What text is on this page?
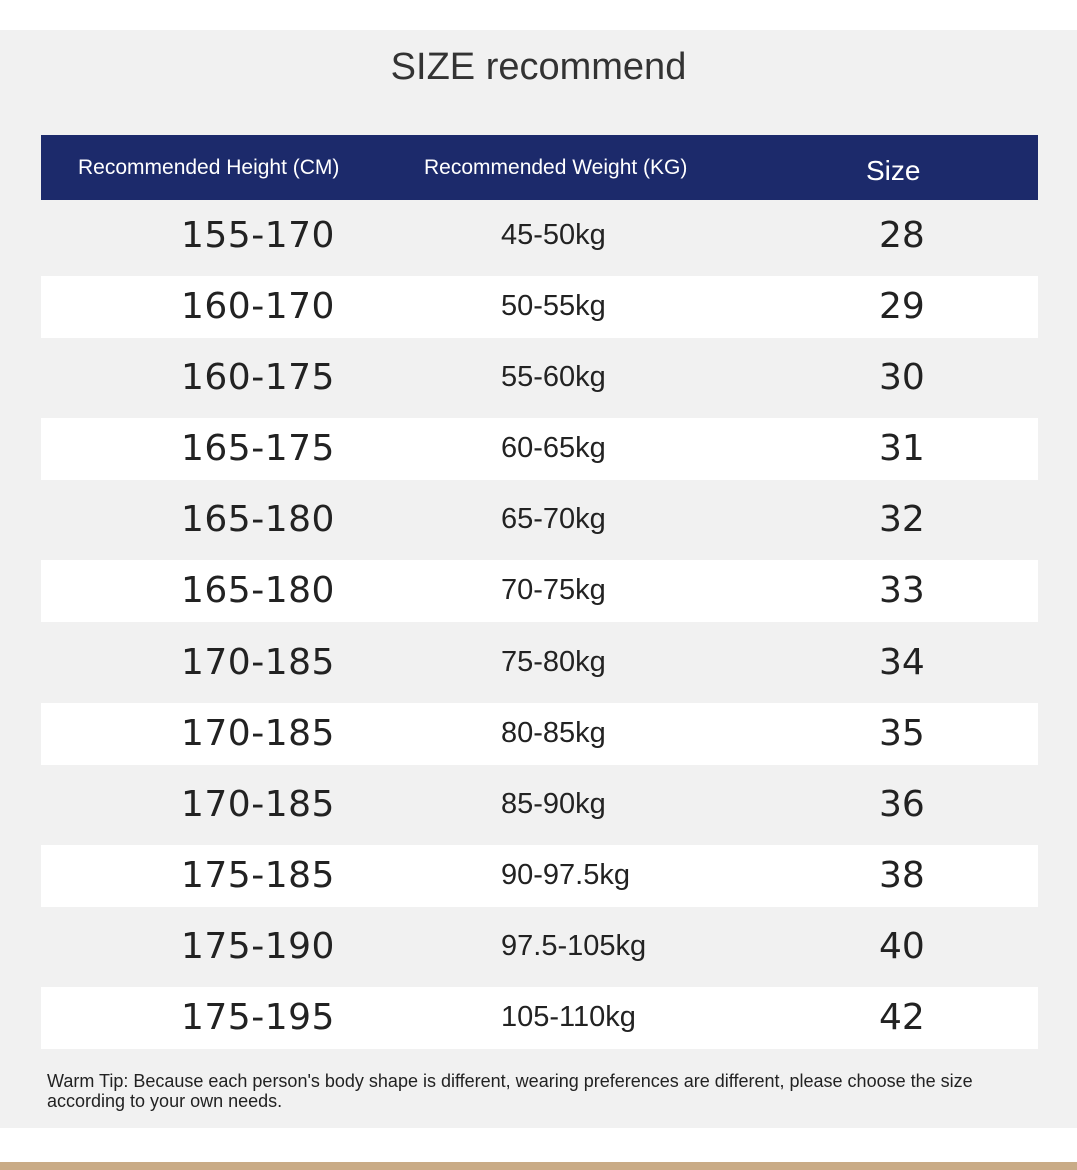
SIZE recommend
Recommended Height (CM)	Recommended Weight (KG)	Size
155-170	45-50kg	28
160-170	50-55kg	29
160-175	55-60kg	30
165-175	60-65kg	31
165-180	65-70kg	32
165-180	70-75kg	33
170-185	75-80kg	34
170-185	80-85kg	35
170-185	85-90kg	36
175-185	90-97.5kg	38
175-190	97.5-105kg	40
175-195	105-110kg	42
Warm Tip: Because each person's body shape is different, wearing preferences are different, please choose the size according to your own needs.
